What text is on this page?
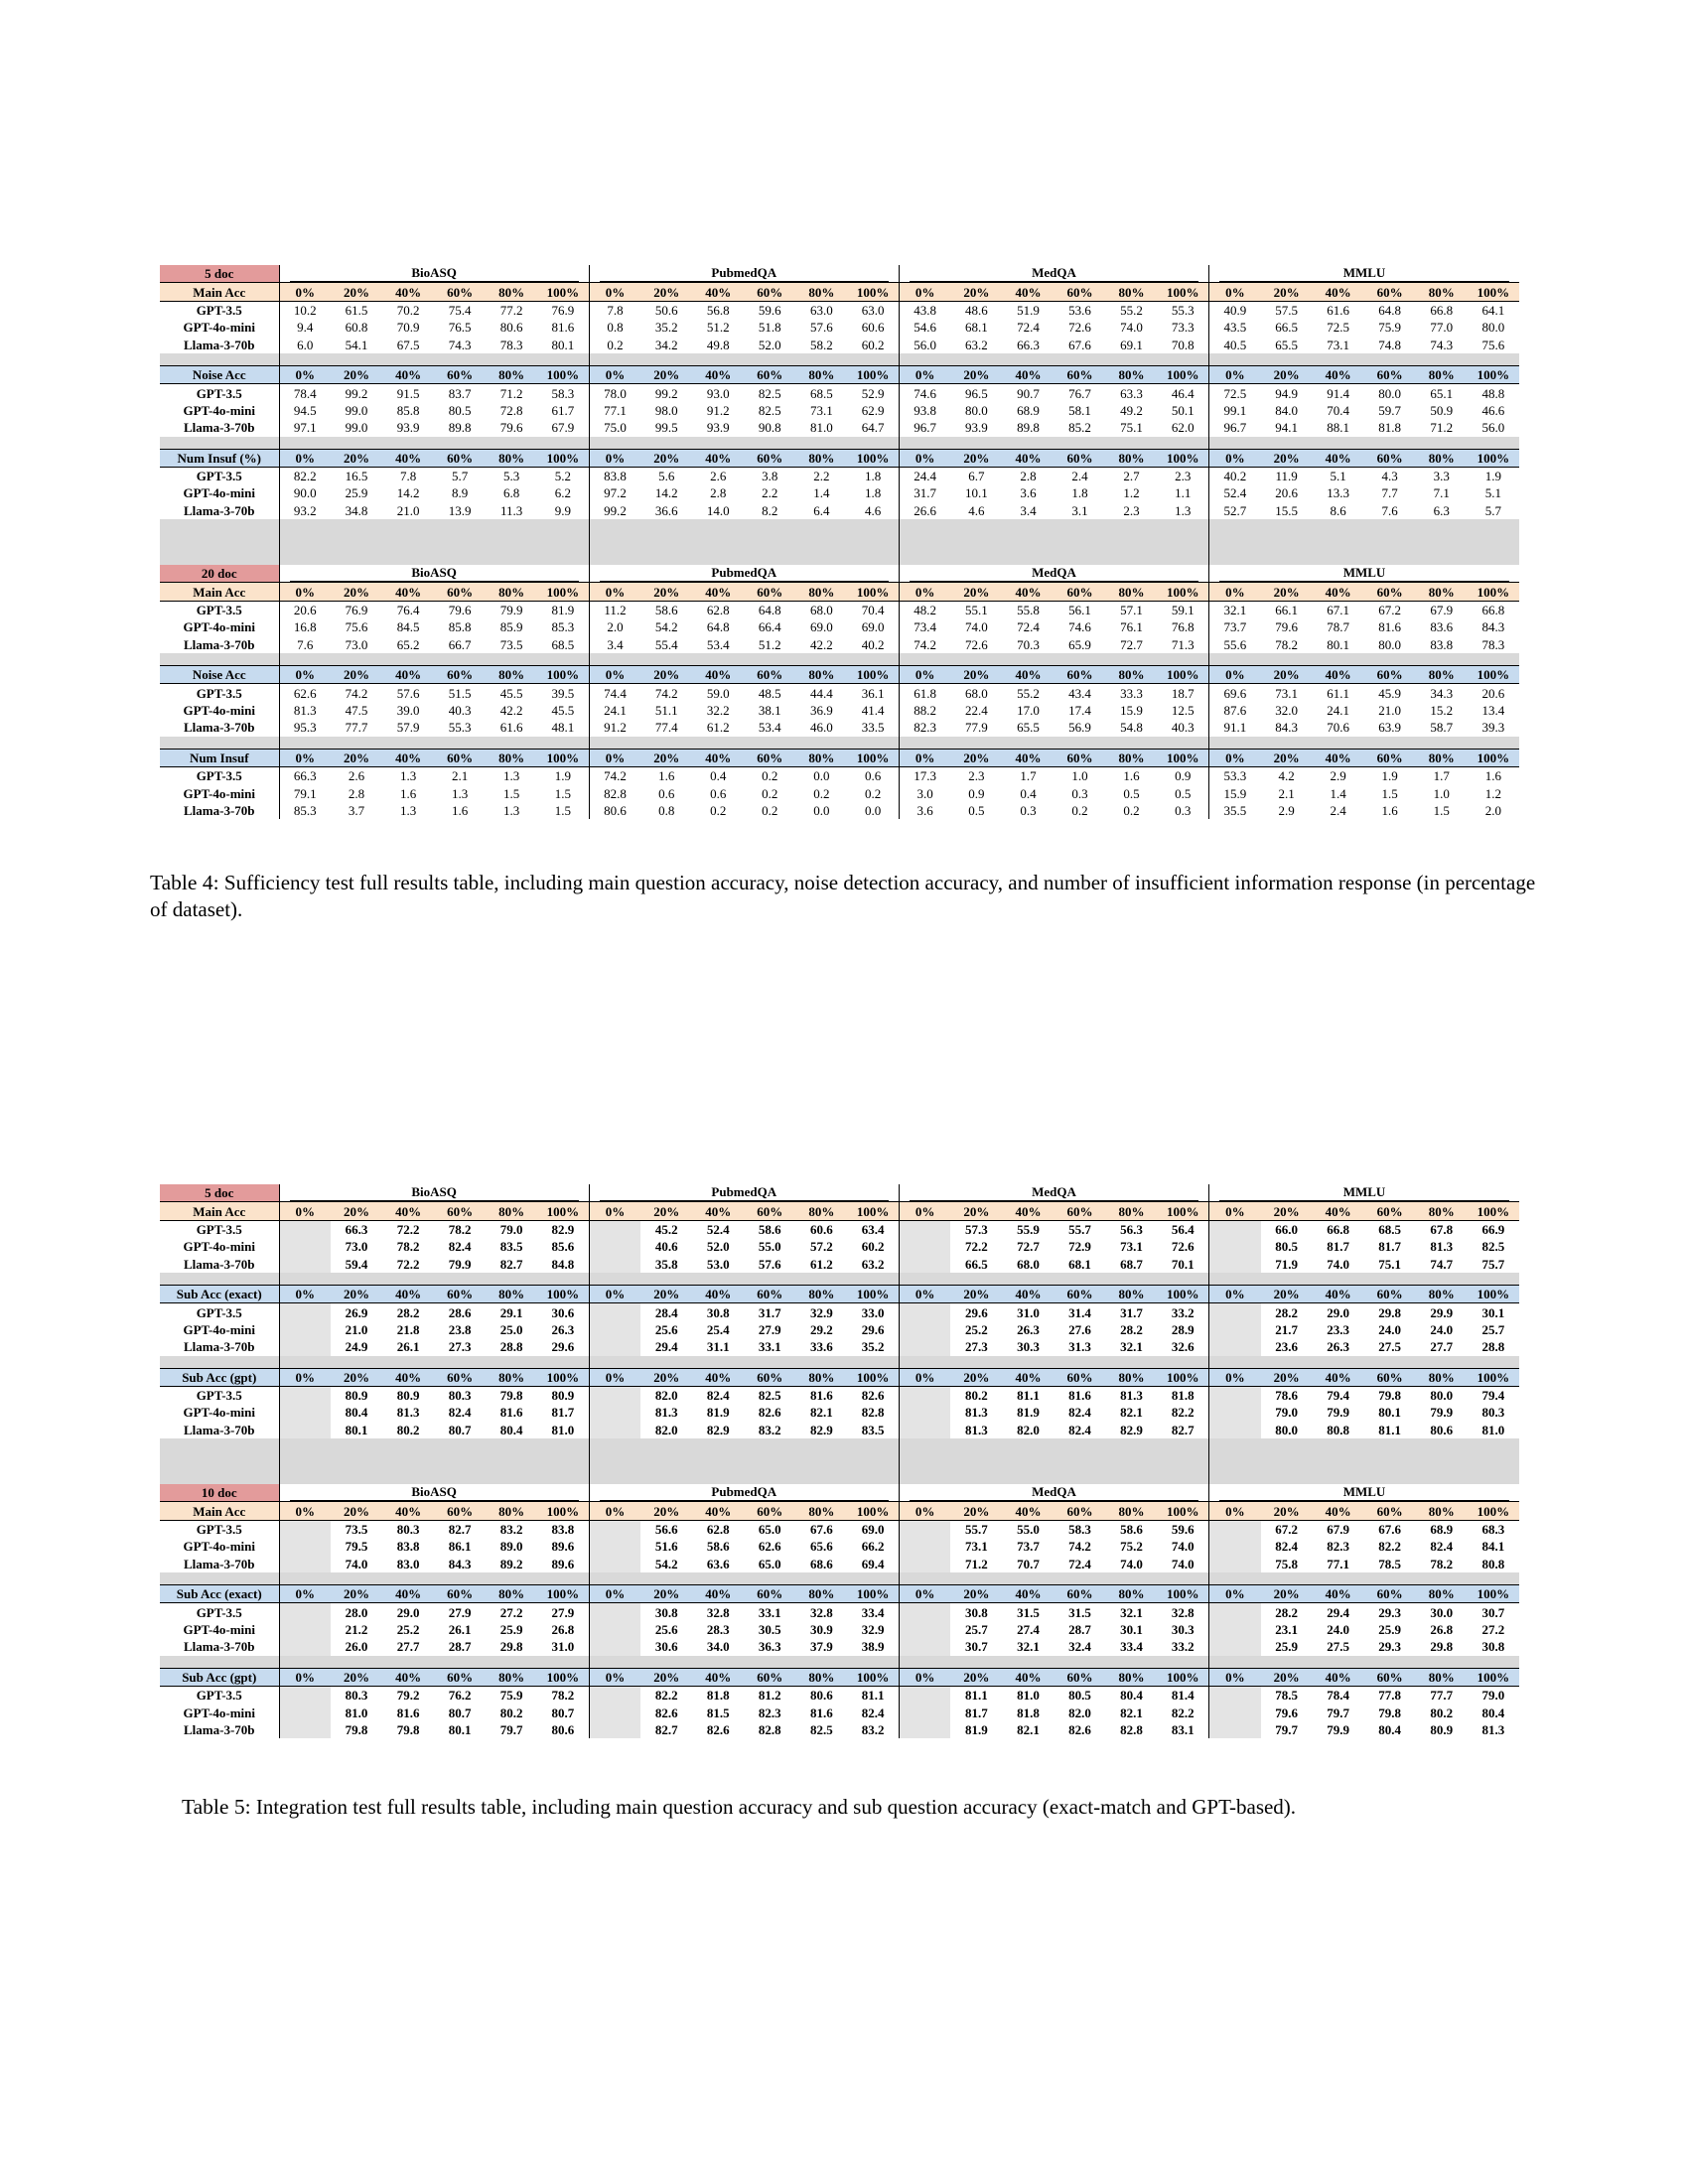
5 doc	BioASQ						PubmedQA						MedQA						MMLU					

Main Acc	0%	20%	40%	60%	80%	100%	0%	20%	40%	60%	80%	100%	0%	20%	40%	60%	80%	100%	0%	20%	40%	60%	80%	100%
GPT-3.5	10.2	61.5	70.2	75.4	77.2	76.9	7.8	50.6	56.8	59.6	63.0	63.0	43.8	48.6	51.9	53.6	55.2	55.3	40.9	57.5	61.6	64.8	66.8	64.1
GPT-4o-mini	9.4	60.8	70.9	76.5	80.6	81.6	0.8	35.2	51.2	51.8	57.6	60.6	54.6	68.1	72.4	72.6	74.0	73.3	43.5	66.5	72.5	75.9	77.0	80.0
Llama-3-70b	6.0	54.1	67.5	74.3	78.3	80.1	0.2	34.2	49.8	52.0	58.2	60.2	56.0	63.2	66.3	67.6	69.1	70.8	40.5	65.5	73.1	74.8	74.3	75.6

Noise Acc	0%	20%	40%	60%	80%	100%	0%	20%	40%	60%	80%	100%	0%	20%	40%	60%	80%	100%	0%	20%	40%	60%	80%	100%
GPT-3.5	78.4	99.2	91.5	83.7	71.2	58.3	78.0	99.2	93.0	82.5	68.5	52.9	74.6	96.5	90.7	76.7	63.3	46.4	72.5	94.9	91.4	80.0	65.1	48.8
GPT-4o-mini	94.5	99.0	85.8	80.5	72.8	61.7	77.1	98.0	91.2	82.5	73.1	62.9	93.8	80.0	68.9	58.1	49.2	50.1	99.1	84.0	70.4	59.7	50.9	46.6
Llama-3-70b	97.1	99.0	93.9	89.8	79.6	67.9	75.0	99.5	93.9	90.8	81.0	64.7	96.7	93.9	89.8	85.2	75.1	62.0	96.7	94.1	88.1	81.8	71.2	56.0

Num Insuf (%)	0%	20%	40%	60%	80%	100%	0%	20%	40%	60%	80%	100%	0%	20%	40%	60%	80%	100%	0%	20%	40%	60%	80%	100%
GPT-3.5	82.2	16.5	7.8	5.7	5.3	5.2	83.8	5.6	2.6	3.8	2.2	1.8	24.4	6.7	2.8	2.4	2.7	2.3	40.2	11.9	5.1	4.3	3.3	1.9
GPT-4o-mini	90.0	25.9	14.2	8.9	6.8	6.2	97.2	14.2	2.8	2.2	1.4	1.8	31.7	10.1	3.6	1.8	1.2	1.1	52.4	20.6	13.3	7.7	7.1	5.1
Llama-3-70b	93.2	34.8	21.0	13.9	11.3	9.9	99.2	36.6	14.0	8.2	6.4	4.6	26.6	4.6	3.4	3.1	2.3	1.3	52.7	15.5	8.6	7.6	6.3	5.7

20 doc	BioASQ						PubmedQA						MedQA						MMLU					

Main Acc	0%	20%	40%	60%	80%	100%	0%	20%	40%	60%	80%	100%	0%	20%	40%	60%	80%	100%	0%	20%	40%	60%	80%	100%
GPT-3.5	20.6	76.9	76.4	79.6	79.9	81.9	11.2	58.6	62.8	64.8	68.0	70.4	48.2	55.1	55.8	56.1	57.1	59.1	32.1	66.1	67.1	67.2	67.9	66.8
GPT-4o-mini	16.8	75.6	84.5	85.8	85.9	85.3	2.0	54.2	64.8	66.4	69.0	69.0	73.4	74.0	72.4	74.6	76.1	76.8	73.7	79.6	78.7	81.6	83.6	84.3
Llama-3-70b	7.6	73.0	65.2	66.7	73.5	68.5	3.4	55.4	53.4	51.2	42.2	40.2	74.2	72.6	70.3	65.9	72.7	71.3	55.6	78.2	80.1	80.0	83.8	78.3

Noise Acc	0%	20%	40%	60%	80%	100%	0%	20%	40%	60%	80%	100%	0%	20%	40%	60%	80%	100%	0%	20%	40%	60%	80%	100%
GPT-3.5	62.6	74.2	57.6	51.5	45.5	39.5	74.4	74.2	59.0	48.5	44.4	36.1	61.8	68.0	55.2	43.4	33.3	18.7	69.6	73.1	61.1	45.9	34.3	20.6
GPT-4o-mini	81.3	47.5	39.0	40.3	42.2	45.5	24.1	51.1	32.2	38.1	36.9	41.4	88.2	22.4	17.0	17.4	15.9	12.5	87.6	32.0	24.1	21.0	15.2	13.4
Llama-3-70b	95.3	77.7	57.9	55.3	61.6	48.1	91.2	77.4	61.2	53.4	46.0	33.5	82.3	77.9	65.5	56.9	54.8	40.3	91.1	84.3	70.6	63.9	58.7	39.3

Num Insuf	0%	20%	40%	60%	80%	100%	0%	20%	40%	60%	80%	100%	0%	20%	40%	60%	80%	100%	0%	20%	40%	60%	80%	100%
GPT-3.5	66.3	2.6	1.3	2.1	1.3	1.9	74.2	1.6	0.4	0.2	0.0	0.6	17.3	2.3	1.7	1.0	1.6	0.9	53.3	4.2	2.9	1.9	1.7	1.6
GPT-4o-mini	79.1	2.8	1.6	1.3	1.5	1.5	82.8	0.6	0.6	0.2	0.2	0.2	3.0	0.9	0.4	0.3	0.5	0.5	15.9	2.1	1.4	1.5	1.0	1.2
Llama-3-70b	85.3	3.7	1.3	1.6	1.3	1.5	80.6	0.8	0.2	0.2	0.0	0.0	3.6	0.5	0.3	0.2	0.2	0.3	35.5	2.9	2.4	1.6	1.5	2.0
Table 4: Sufficiency test full results table, including main question accuracy, noise detection accuracy, and number of insufficient information response (in percentage of dataset).
5 doc	BioASQ						PubmedQA						MedQA						MMLU					

Main Acc	0%	20%	40%	60%	80%	100%	0%	20%	40%	60%	80%	100%	0%	20%	40%	60%	80%	100%	0%	20%	40%	60%	80%	100%
GPT-3.5		66.3	72.2	78.2	79.0	82.9		45.2	52.4	58.6	60.6	63.4		57.3	55.9	55.7	56.3	56.4		66.0	66.8	68.5	67.8	66.9
GPT-4o-mini		73.0	78.2	82.4	83.5	85.6		40.6	52.0	55.0	57.2	60.2		72.2	72.7	72.9	73.1	72.6		80.5	81.7	81.7	81.3	82.5
Llama-3-70b		59.4	72.2	79.9	82.7	84.8		35.8	53.0	57.6	61.2	63.2		66.5	68.0	68.1	68.7	70.1		71.9	74.0	75.1	74.7	75.7

Sub Acc (exact)	0%	20%	40%	60%	80%	100%	0%	20%	40%	60%	80%	100%	0%	20%	40%	60%	80%	100%	0%	20%	40%	60%	80%	100%
GPT-3.5		26.9	28.2	28.6	29.1	30.6		28.4	30.8	31.7	32.9	33.0		29.6	31.0	31.4	31.7	33.2		28.2	29.0	29.8	29.9	30.1
GPT-4o-mini		21.0	21.8	23.8	25.0	26.3		25.6	25.4	27.9	29.2	29.6		25.2	26.3	27.6	28.2	28.9		21.7	23.3	24.0	24.0	25.7
Llama-3-70b		24.9	26.1	27.3	28.8	29.6		29.4	31.1	33.1	33.6	35.2		27.3	30.3	31.3	32.1	32.6		23.6	26.3	27.5	27.7	28.8

Sub Acc (gpt)	0%	20%	40%	60%	80%	100%	0%	20%	40%	60%	80%	100%	0%	20%	40%	60%	80%	100%	0%	20%	40%	60%	80%	100%
GPT-3.5		80.9	80.9	80.3	79.8	80.9		82.0	82.4	82.5	81.6	82.6		80.2	81.1	81.6	81.3	81.8		78.6	79.4	79.8	80.0	79.4
GPT-4o-mini		80.4	81.3	82.4	81.6	81.7		81.3	81.9	82.6	82.1	82.8		81.3	81.9	82.4	82.1	82.2		79.0	79.9	80.1	79.9	80.3
Llama-3-70b		80.1	80.2	80.7	80.4	81.0		82.0	82.9	83.2	82.9	83.5		81.3	82.0	82.4	82.9	82.7		80.0	80.8	81.1	80.6	81.0

10 doc	BioASQ						PubmedQA						MedQA						MMLU					

Main Acc	0%	20%	40%	60%	80%	100%	0%	20%	40%	60%	80%	100%	0%	20%	40%	60%	80%	100%	0%	20%	40%	60%	80%	100%
GPT-3.5		73.5	80.3	82.7	83.2	83.8		56.6	62.8	65.0	67.6	69.0		55.7	55.0	58.3	58.6	59.6		67.2	67.9	67.6	68.9	68.3
GPT-4o-mini		79.5	83.8	86.1	89.0	89.6		51.6	58.6	62.6	65.6	66.2		73.1	73.7	74.2	75.2	74.0		82.4	82.3	82.2	82.4	84.1
Llama-3-70b		74.0	83.0	84.3	89.2	89.6		54.2	63.6	65.0	68.6	69.4		71.2	70.7	72.4	74.0	74.0		75.8	77.1	78.5	78.2	80.8

Sub Acc (exact)	0%	20%	40%	60%	80%	100%	0%	20%	40%	60%	80%	100%	0%	20%	40%	60%	80%	100%	0%	20%	40%	60%	80%	100%
GPT-3.5		28.0	29.0	27.9	27.2	27.9		30.8	32.8	33.1	32.8	33.4		30.8	31.5	31.5	32.1	32.8		28.2	29.4	29.3	30.0	30.7
GPT-4o-mini		21.2	25.2	26.1	25.9	26.8		25.6	28.3	30.5	30.9	32.9		25.7	27.4	28.7	30.1	30.3		23.1	24.0	25.9	26.8	27.2
Llama-3-70b		26.0	27.7	28.7	29.8	31.0		30.6	34.0	36.3	37.9	38.9		30.7	32.1	32.4	33.4	33.2		25.9	27.5	29.3	29.8	30.8

Sub Acc (gpt)	0%	20%	40%	60%	80%	100%	0%	20%	40%	60%	80%	100%	0%	20%	40%	60%	80%	100%	0%	20%	40%	60%	80%	100%
GPT-3.5		80.3	79.2	76.2	75.9	78.2		82.2	81.8	81.2	80.6	81.1		81.1	81.0	80.5	80.4	81.4		78.5	78.4	77.8	77.7	79.0
GPT-4o-mini		81.0	81.6	80.7	80.2	80.7		82.6	81.5	82.3	81.6	82.4		81.7	81.8	82.0	82.1	82.2		79.6	79.7	79.8	80.2	80.4
Llama-3-70b		79.8	79.8	80.1	79.7	80.6		82.7	82.6	82.8	82.5	83.2		81.9	82.1	82.6	82.8	83.1		79.7	79.9	80.4	80.9	81.3
Table 5: Integration test full results table, including main question accuracy and sub question accuracy (exact-match and GPT-based).
